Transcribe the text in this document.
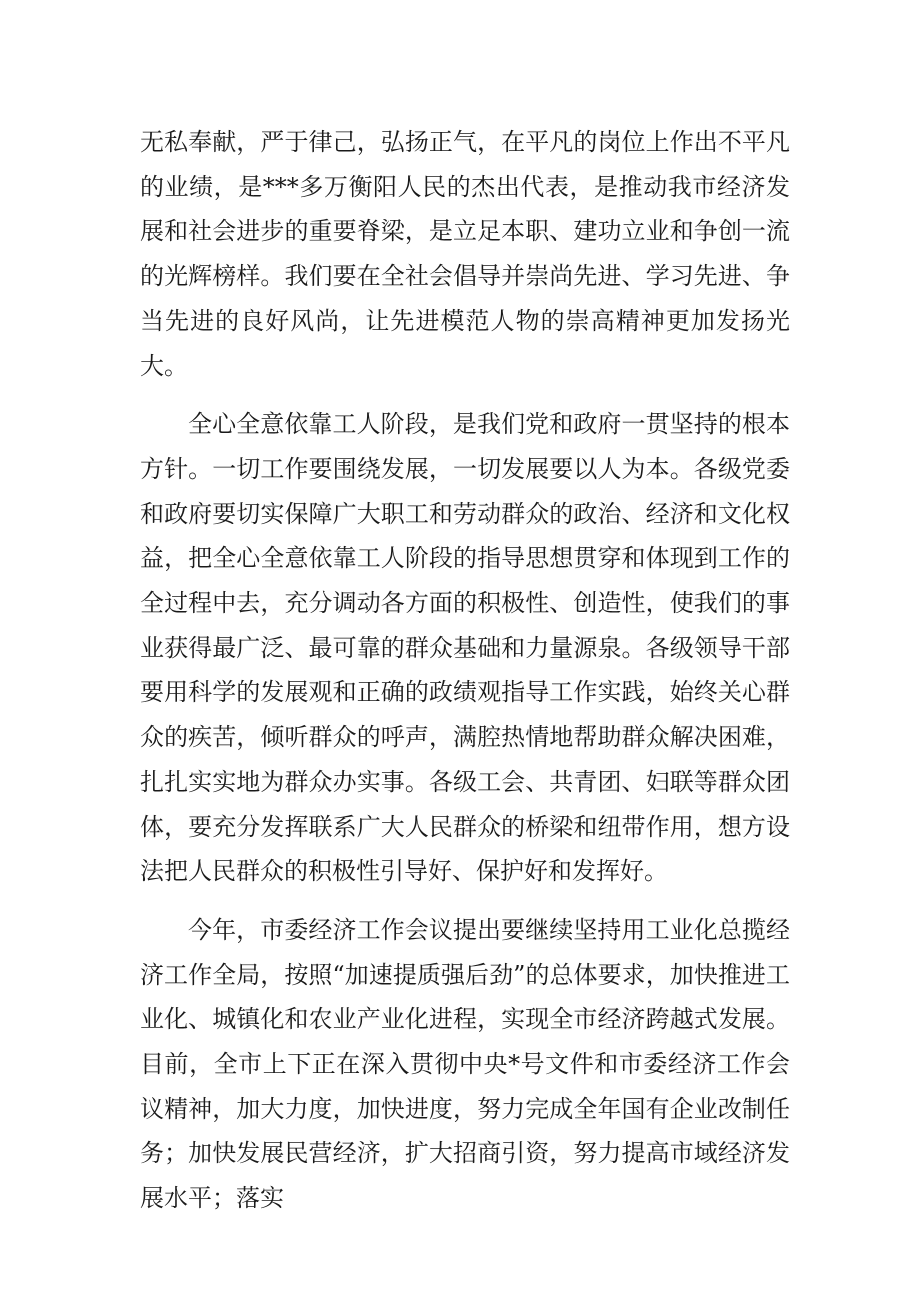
无私奉献，严于律己，弘扬正气，在平凡的岗位上作出不平凡的业绩，是***多万衡阳人民的杰出代表，是推动我市经济发展和社会进步的重要脊梁，是立足本职、建功立业和争创一流的光辉榜样。我们要在全社会倡导并崇尚先进、学习先进、争当先进的良好风尚，让先进模范人物的崇高精神更加发扬光大。

全心全意依靠工人阶段，是我们党和政府一贯坚持的根本方针。一切工作要围绕发展，一切发展要以人为本。各级党委和政府要切实保障广大职工和劳动群众的政治、经济和文化权益，把全心全意依靠工人阶段的指导思想贯穿和体现到工作的全过程中去，充分调动各方面的积极性、创造性，使我们的事业获得最广泛、最可靠的群众基础和力量源泉。各级领导干部要用科学的发展观和正确的政绩观指导工作实践，始终关心群众的疾苦，倾听群众的呼声，满腔热情地帮助群众解决困难，扎扎实实地为群众办实事。各级工会、共青团、妇联等群众团体，要充分发挥联系广大人民群众的桥梁和纽带作用，想方设法把人民群众的积极性引导好、保护好和发挥好。

今年，市委经济工作会议提出要继续坚持用工业化总揽经济工作全局，按照“加速提质强后劲”的总体要求，加快推进工业化、城镇化和农业产业化进程，实现全市经济跨越式发展。目前，全市上下正在深入贯彻中央*号文件和市委经济工作会议精神，加大力度，加快进度，努力完成全年国有企业改制任务；加快发展民营经济，扩大招商引资，努力提高市域经济发展水平；落实
